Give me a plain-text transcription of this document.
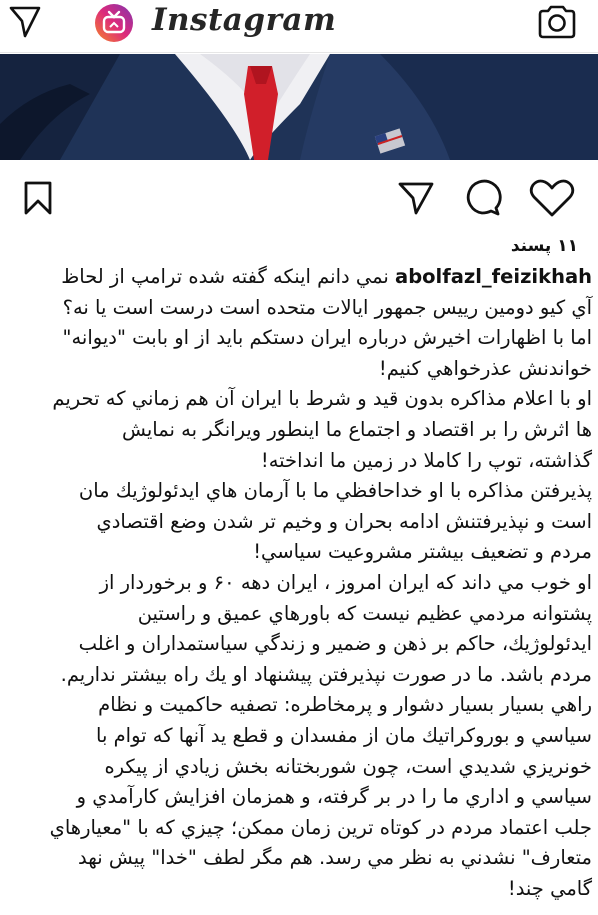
Instagram
۱۱ پسند
abolfazl_feizikhah نمي دانم اينكه گفته شده ترامپ از لحاظ
آي كيو دومين رييس جمهور ايالات متحده است درست است يا نه؟
اما با اظهارات اخيرش درباره ايران دستكم بايد از او بابت "ديوانه"
خواندنش عذرخواهي كنيم!
او با اعلام مذاكره بدون قيد و شرط با ايران آن هم زماني كه تحريم
ها اثرش را بر اقتصاد و اجتماع ما اينطور ويرانگر به نمايش
گذاشته، توپ را كاملا در زمين ما انداخته!
پذيرفتن مذاكره با او خداحافظي ما با آرمان هاي ايدئولوژيك مان
است و نپذيرفتنش ادامه بحران و وخيم تر شدن وضع اقتصادي
مردم و تضعيف بيشتر مشروعيت سياسي!
او خوب مي داند كه ايران امروز ، ايران دهه ۶۰ و برخوردار از
پشتوانه مردمي عظيم نيست كه باورهاي عميق و راستين
ايدئولوژيك، حاكم بر ذهن و ضمير و زندگي سياستمداران و اغلب
مردم باشد. ما در صورت نپذيرفتن پيشنهاد او يك راه بيشتر نداريم.
راهي بسيار بسيار دشوار و پرمخاطره: تصفيه حاكميت و نظام
سياسي و بوروكراتيك مان از مفسدان و قطع يد آنها كه توام با
خونريزي شديدي است، چون شوربختانه بخش زيادي از پيكره
سياسي و اداري ما را در بر گرفته، و همزمان افزايش كارآمدي و
جلب اعتماد مردم در كوتاه ترين زمان ممكن؛ چيزي كه با "معيارهاي
متعارف" نشدني به نظر مي رسد. هم مگر لطف "خدا" پيش نهد
گامي چند!
